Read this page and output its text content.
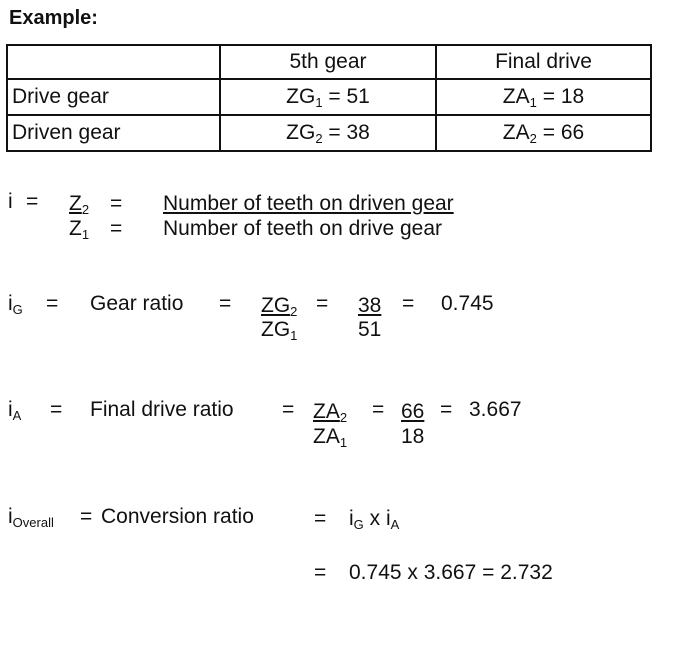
Example:
	5th gear	Final drive
Drive gear	$ZG_1 = 51$	$ZA_1 = 18$
Driven gear	$ZG_2 = 38$	$ZA_2 = 66$
$i = Z_2$ = Number of teeth on driven gear
$Z_1$ = Number of teeth on drive gear
$i_G$ = Gear ratio = $ZG_2$ =
$ZG_1$
38
51
= 0.745
$i_A$ = Final drive ratio = $ZA_2$ =
$ZA_1$
66
18
= 3.667
$i_{Overall}$ = Conversion ratio	= $i_G$ x $i_A$
= 0.745 x 3.667 = 2.732
